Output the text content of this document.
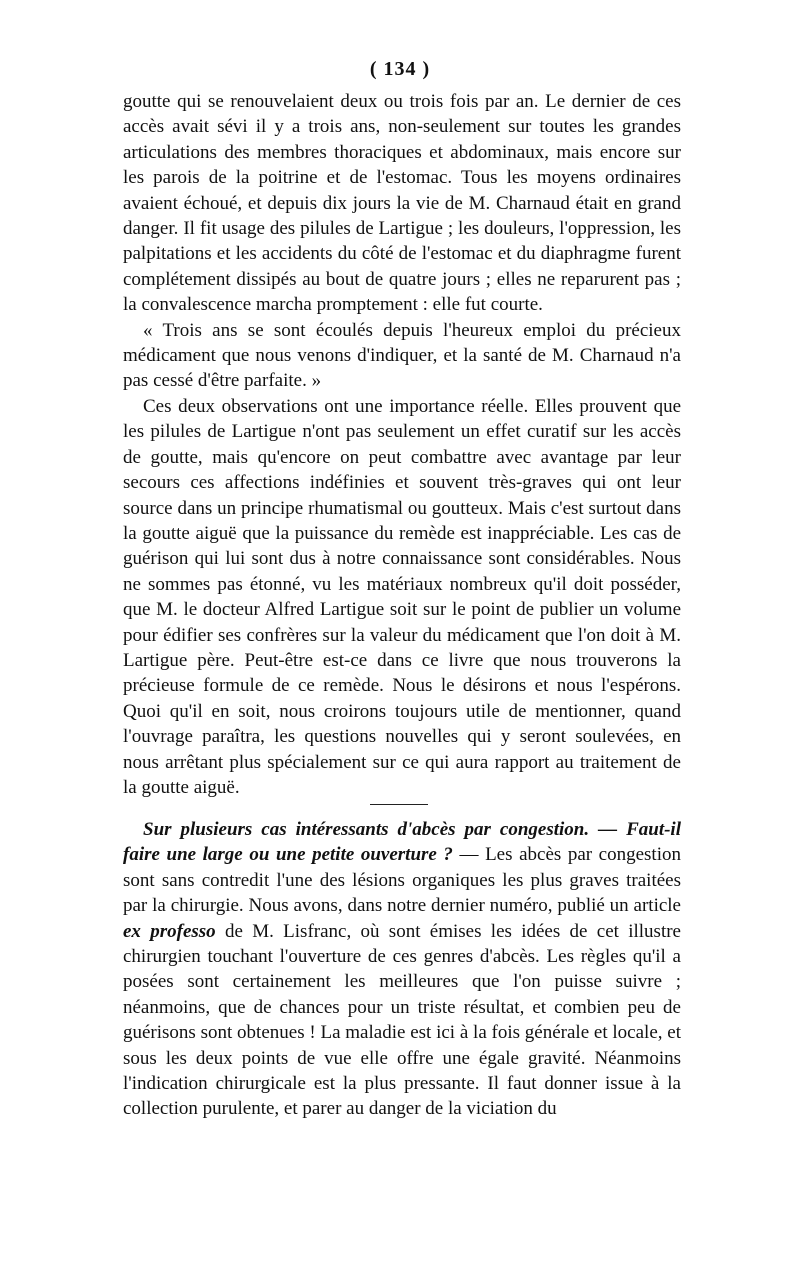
( 134 )

goutte qui se renouvelaient deux ou trois fois par an. Le dernier de ces accès avait sévi il y a trois ans, non-seulement sur toutes les grandes articulations des membres thoraciques et abdominaux, mais encore sur les parois de la poitrine et de l'estomac. Tous les moyens ordinaires avaient échoué, et depuis dix jours la vie de M. Charnaud était en grand danger. Il fit usage des pilules de Lartigue ; les douleurs, l'oppression, les palpitations et les accidents du côté de l'estomac et du diaphragme furent complétement dissipés au bout de quatre jours ; elles ne reparurent pas ; la convalescence marcha promptement : elle fut courte.

« Trois ans se sont écoulés depuis l'heureux emploi du précieux médicament que nous venons d'indiquer, et la santé de M. Charnaud n'a pas cessé d'être parfaite. »

Ces deux observations ont une importance réelle. Elles prouvent que les pilules de Lartigue n'ont pas seulement un effet curatif sur les accès de goutte, mais qu'encore on peut combattre avec avantage par leur secours ces affections indéfinies et souvent très-graves qui ont leur source dans un principe rhumatismal ou goutteux. Mais c'est surtout dans la goutte aiguë que la puissance du remède est inappréciable. Les cas de guérison qui lui sont dus à notre connaissance sont considérables. Nous ne sommes pas étonné, vu les matériaux nombreux qu'il doit posséder, que M. le docteur Alfred Lartigue soit sur le point de publier un volume pour édifier ses confrères sur la valeur du médicament que l'on doit à M. Lartigue père. Peut-être est-ce dans ce livre que nous trouverons la précieuse formule de ce remède. Nous le désirons et nous l'espérons. Quoi qu'il en soit, nous croirons toujours utile de mentionner, quand l'ouvrage paraîtra, les questions nouvelles qui y seront soulevées, en nous arrêtant plus spécialement sur ce qui aura rapport au traitement de la goutte aiguë.

Sur plusieurs cas intéressants d'abcès par congestion. — Faut-il faire une large ou une petite ouverture ? — Les abcès par congestion sont sans contredit l'une des lésions organiques les plus graves traitées par la chirurgie. Nous avons, dans notre dernier numéro, publié un article ex professo de M. Lisfranc, où sont émises les idées de cet illustre chirurgien touchant l'ouverture de ces genres d'abcès. Les règles qu'il a posées sont certainement les meilleures que l'on puisse suivre ; néanmoins, que de chances pour un triste résultat, et combien peu de guérisons sont obtenues ! La maladie est ici à la fois générale et locale, et sous les deux points de vue elle offre une égale gravité. Néanmoins l'indication chirurgicale est la plus pressante. Il faut donner issue à la collection purulente, et parer au danger de la viciation du
